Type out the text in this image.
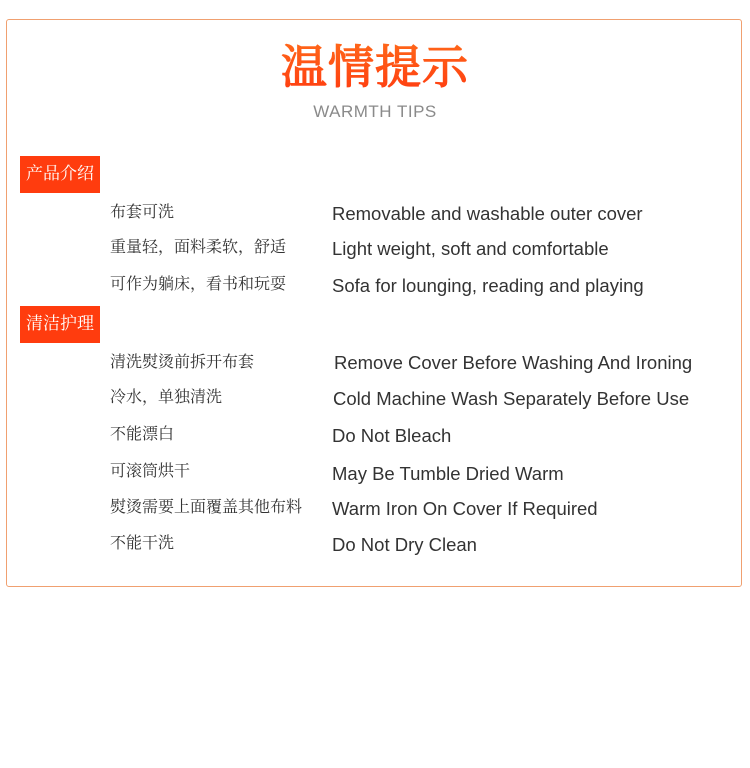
温情提示
WARMTH TIPS
产品介绍
布套可洗	Removable and washable outer cover
重量轻，面料柔软，舒适 Light weight, soft and comfortable
可作为躺床，看书和玩耍 Sofa for lounging, reading and playing
清洁护理
清洗熨烫前拆开布套	Remove Cover Before Washing And Ironing
冷水，单独清洗	Cold Machine Wash Separately Before Use
不能漂白	Do Not Bleach
可滚筒烘干	May Be Tumble Dried Warm
熨烫需要上面覆盖其他布料 Warm Iron On Cover If Required
不能干洗	Do Not Dry Clean
